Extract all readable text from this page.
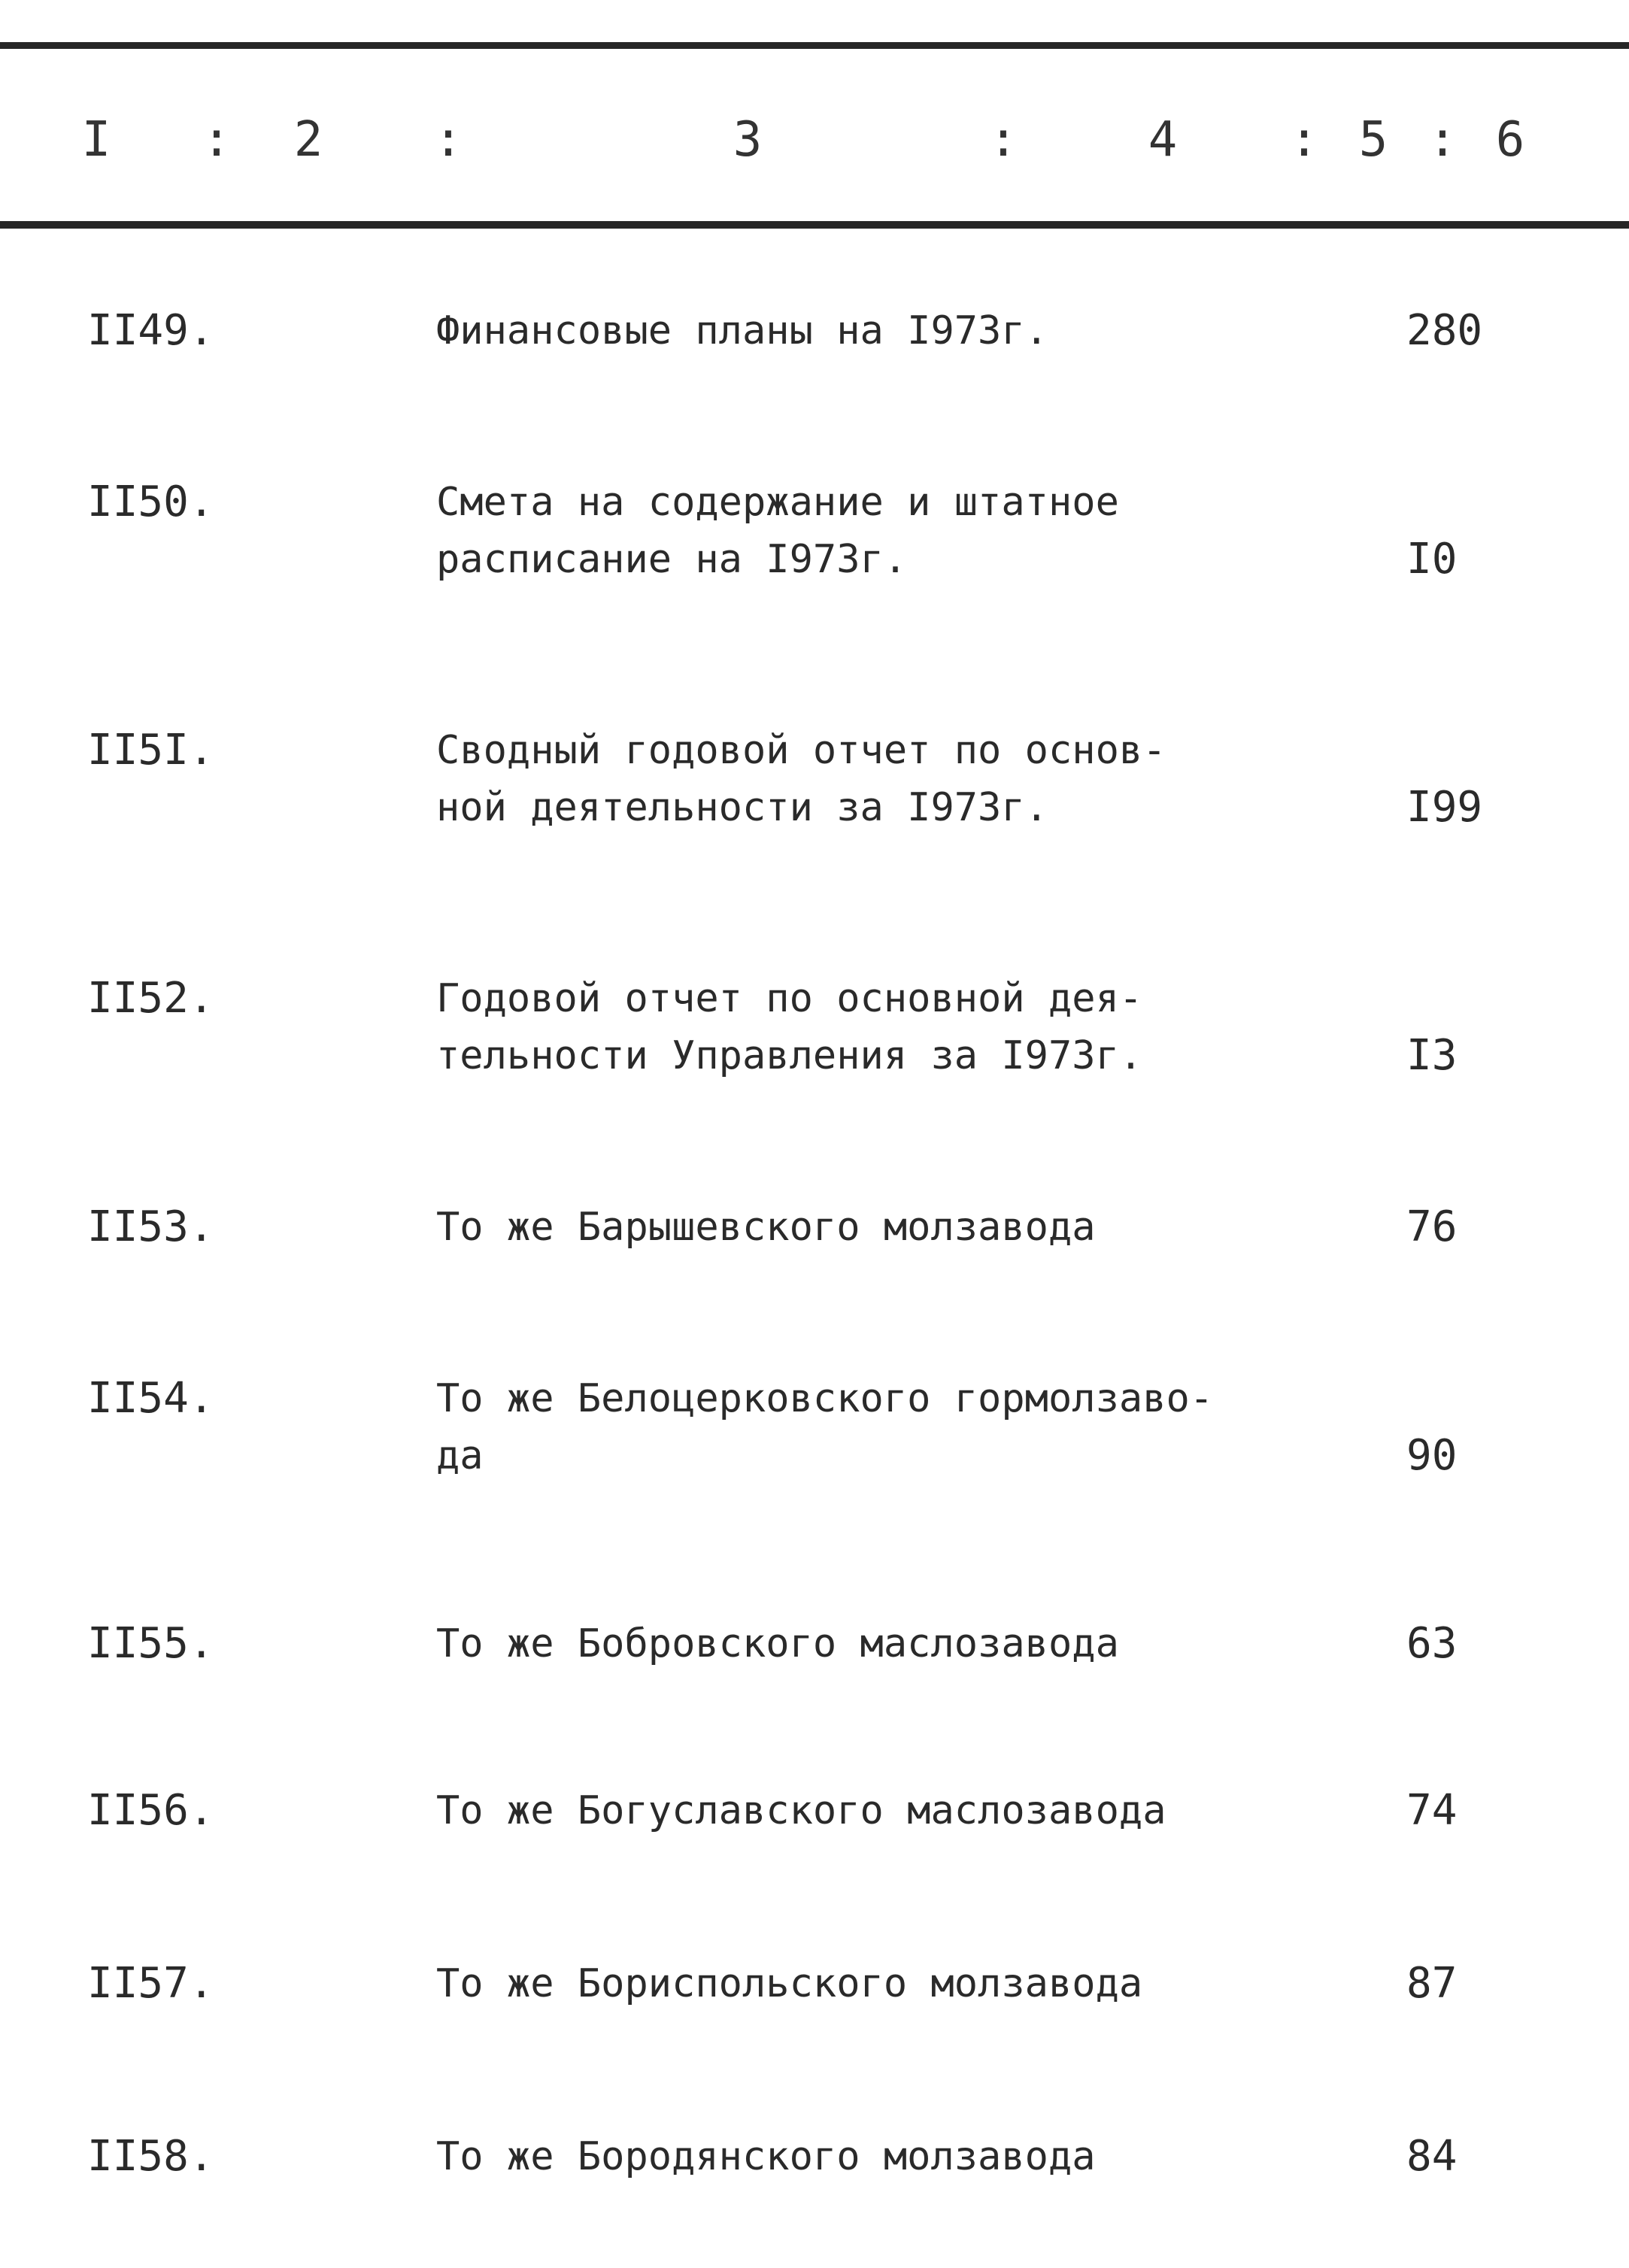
I : 2 :	3	:	4 : 5 : 6
II49.	Финансовые планы на I973г.	280
II50.	Смета на содержание и штатное
расписание на I973г.	I0
II5I.	Сводный годовой отчет по основ-
ной деятельности за I973г.	I99
II52.	Годовой отчет по основной дея-
тельности Управления за I973г.	I3
II53.	То же Барышевского молзавода	76
II54.	То же Белоцерковского гормолзаво-
да	90
II55.	То же Бобровского маслозавода	63
II56.	То же Богуславского маслозавода	74
II57.	То же Бориспольского молзавода	87
II58.	То же Бородянского молзавода	84
